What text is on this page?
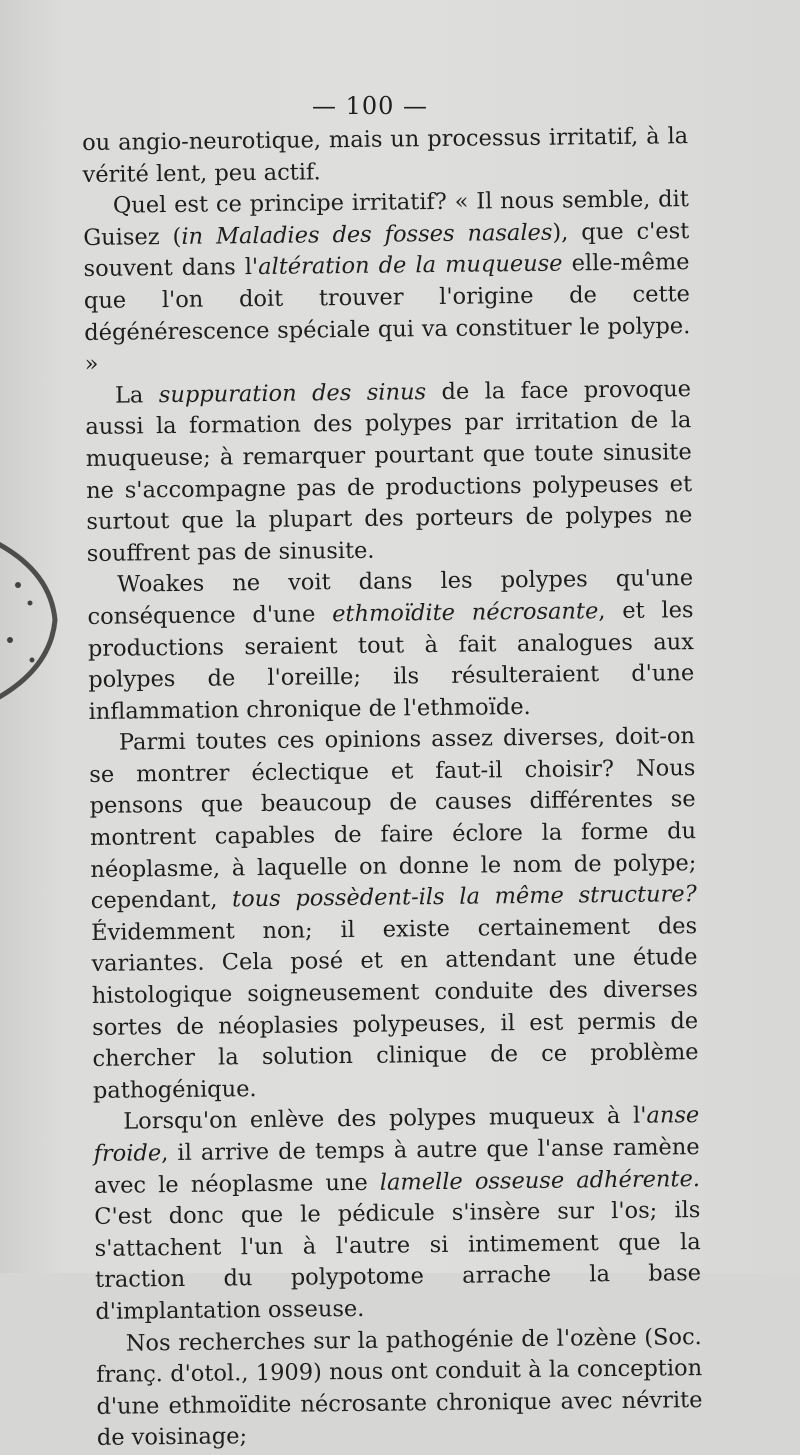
— 100 —

ou angio-neurotique, mais un processus irritatif, à la vérité lent, peu actif.

Quel est ce principe irritatif? « Il nous semble, dit Guisez (in Maladies des fosses nasales), que c'est souvent dans l'altération de la muqueuse elle-même que l'on doit trouver l'origine de cette dégénérescence spéciale qui va constituer le polype. »

La suppuration des sinus de la face provoque aussi la formation des polypes par irritation de la muqueuse; à remarquer pourtant que toute sinusite ne s'accompagne pas de productions polypeuses et surtout que la plupart des porteurs de polypes ne souffrent pas de sinusite.

Woakes ne voit dans les polypes qu'une conséquence d'une ethmoïdite nécrosante, et les productions seraient tout à fait analogues aux polypes de l'oreille; ils résulteraient d'une inflammation chronique de l'ethmoïde.

Parmi toutes ces opinions assez diverses, doit-on se montrer éclectique et faut-il choisir? Nous pensons que beaucoup de causes différentes se montrent capables de faire éclore la forme du néoplasme, à laquelle on donne le nom de polype; cependant, tous possèdent-ils la même structure? Évidemment non; il existe certainement des variantes. Cela posé et en attendant une étude histologique soigneusement conduite des diverses sortes de néoplasies polypeuses, il est permis de chercher la solution clinique de ce problème pathogénique.

Lorsqu'on enlève des polypes muqueux à l'anse froide, il arrive de temps à autre que l'anse ramène avec le néoplasme une lamelle osseuse adhérente. C'est donc que le pédicule s'insère sur l'os; ils s'attachent l'un à l'autre si intimement que la traction du polypotome arrache la base d'implantation osseuse.

Nos recherches sur la pathogénie de l'ozène (Soc. franç. d'otol., 1909) nous ont conduit à la conception d'une ethmoïdite nécrosante chronique avec névrite de voisinage;
